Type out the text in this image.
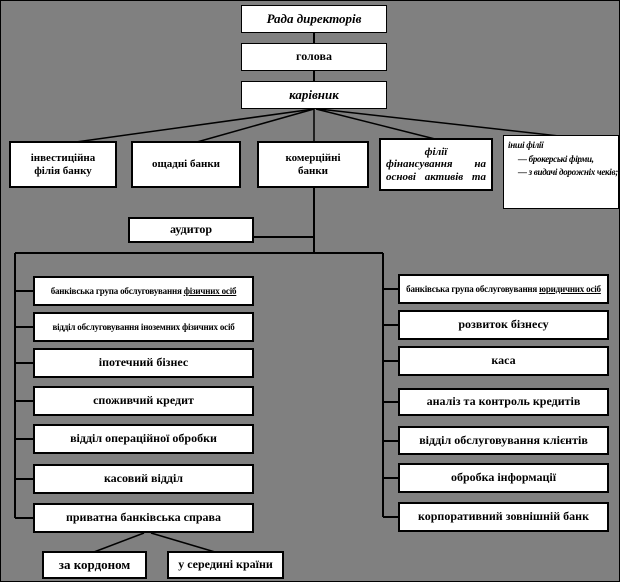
Рада директорів
голова
карівник
інвестиційна
філія банку
ощадні банки
комерційні
банки
філії
фінансування на
основі активів та
інші філії
— брокерські фірми,
— з видачі дорожніх чеків;
аудитор
банківська група обслуговування фізичних осіб
відділ обслуговування іноземних фізичних осіб
іпотечний бізнес
споживчий кредит
відділ операційної обробки
касовий відділ
приватна банківська справа
банківська група обслуговування юридичних осіб
розвиток бізнесу
каса
аналіз та контроль кредитів
відділ обслуговування клієнтів
обробка інформації
корпоративний зовнішній банк
за кордоном	у середині країни
